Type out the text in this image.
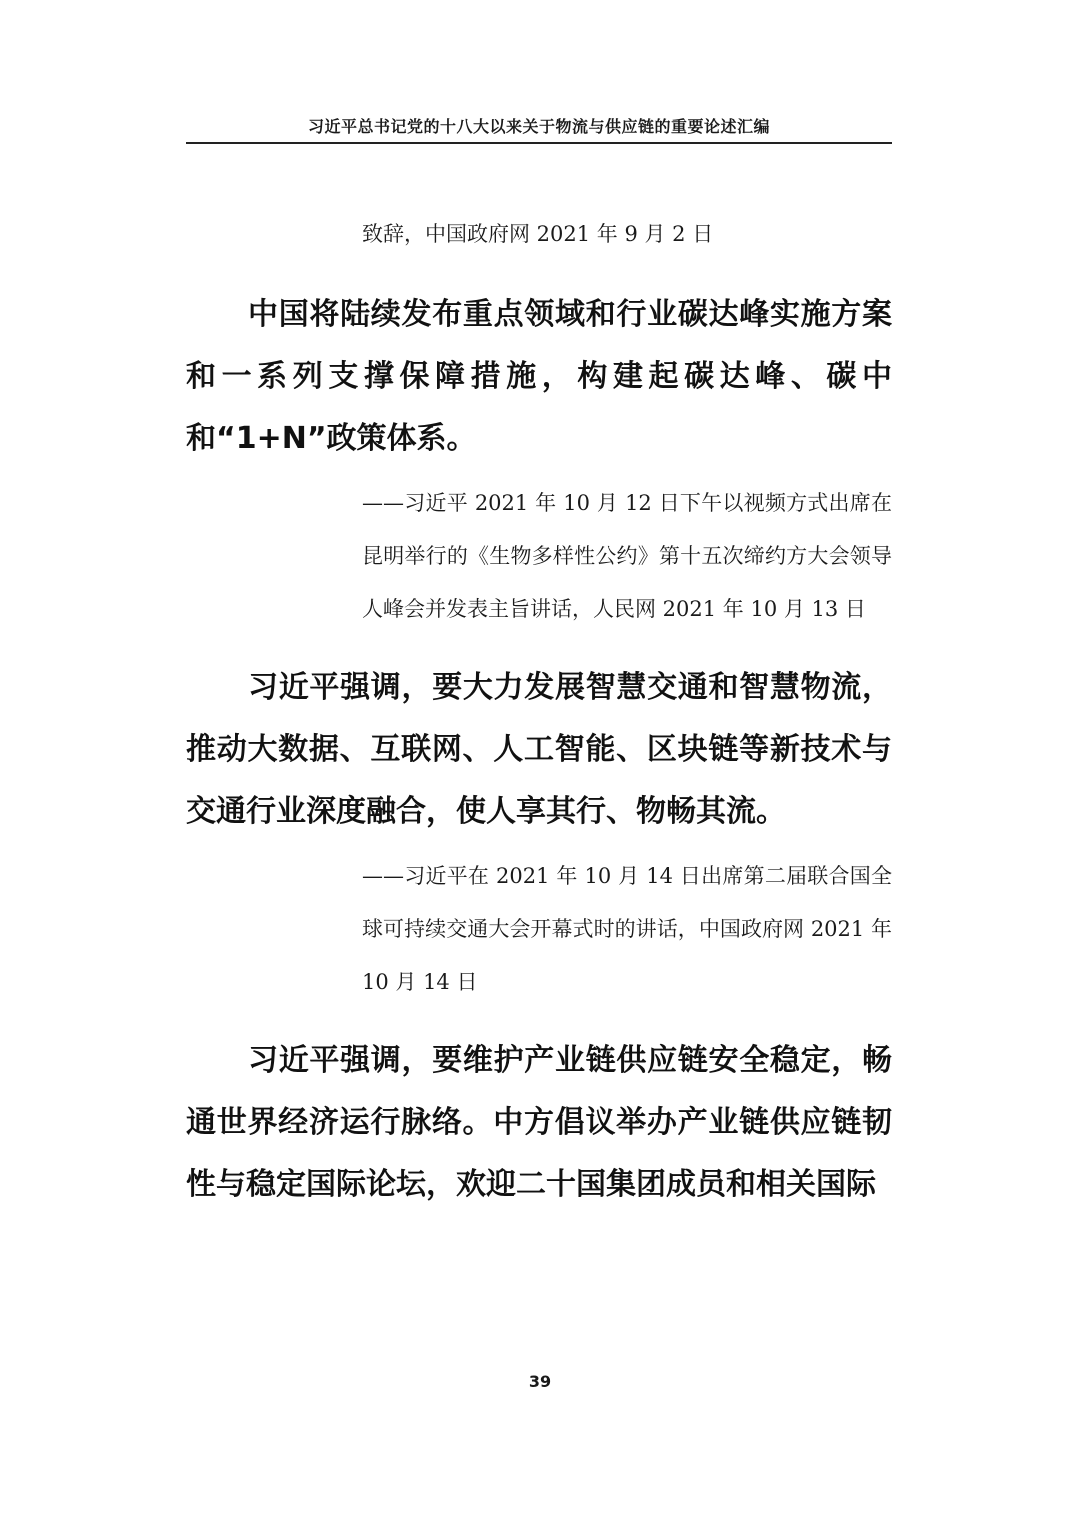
习近平总书记党的十八大以来关于物流与供应链的重要论述汇编
致辞，中国政府网 2021 年 9 月 2 日
中国将陆续发布重点领域和行业碳达峰实施方案和一系列支撑保障措施，构建起碳达峰、碳中和“1+N”政策体系。
——习近平 2021 年 10 月 12 日下午以视频方式出席在昆明举行的《生物多样性公约》第十五次缔约方大会领导人峰会并发表主旨讲话，人民网 2021 年 10 月 13 日
习近平强调，要大力发展智慧交通和智慧物流，推动大数据、互联网、人工智能、区块链等新技术与交通行业深度融合，使人享其行、物畅其流。
——习近平在 2021 年 10 月 14 日出席第二届联合国全球可持续交通大会开幕式时的讲话，中国政府网 2021 年 10 月 14 日
习近平强调，要维护产业链供应链安全稳定，畅通世界经济运行脉络。中方倡议举办产业链供应链韧性与稳定国际论坛，欢迎二十国集团成员和相关国际
39
